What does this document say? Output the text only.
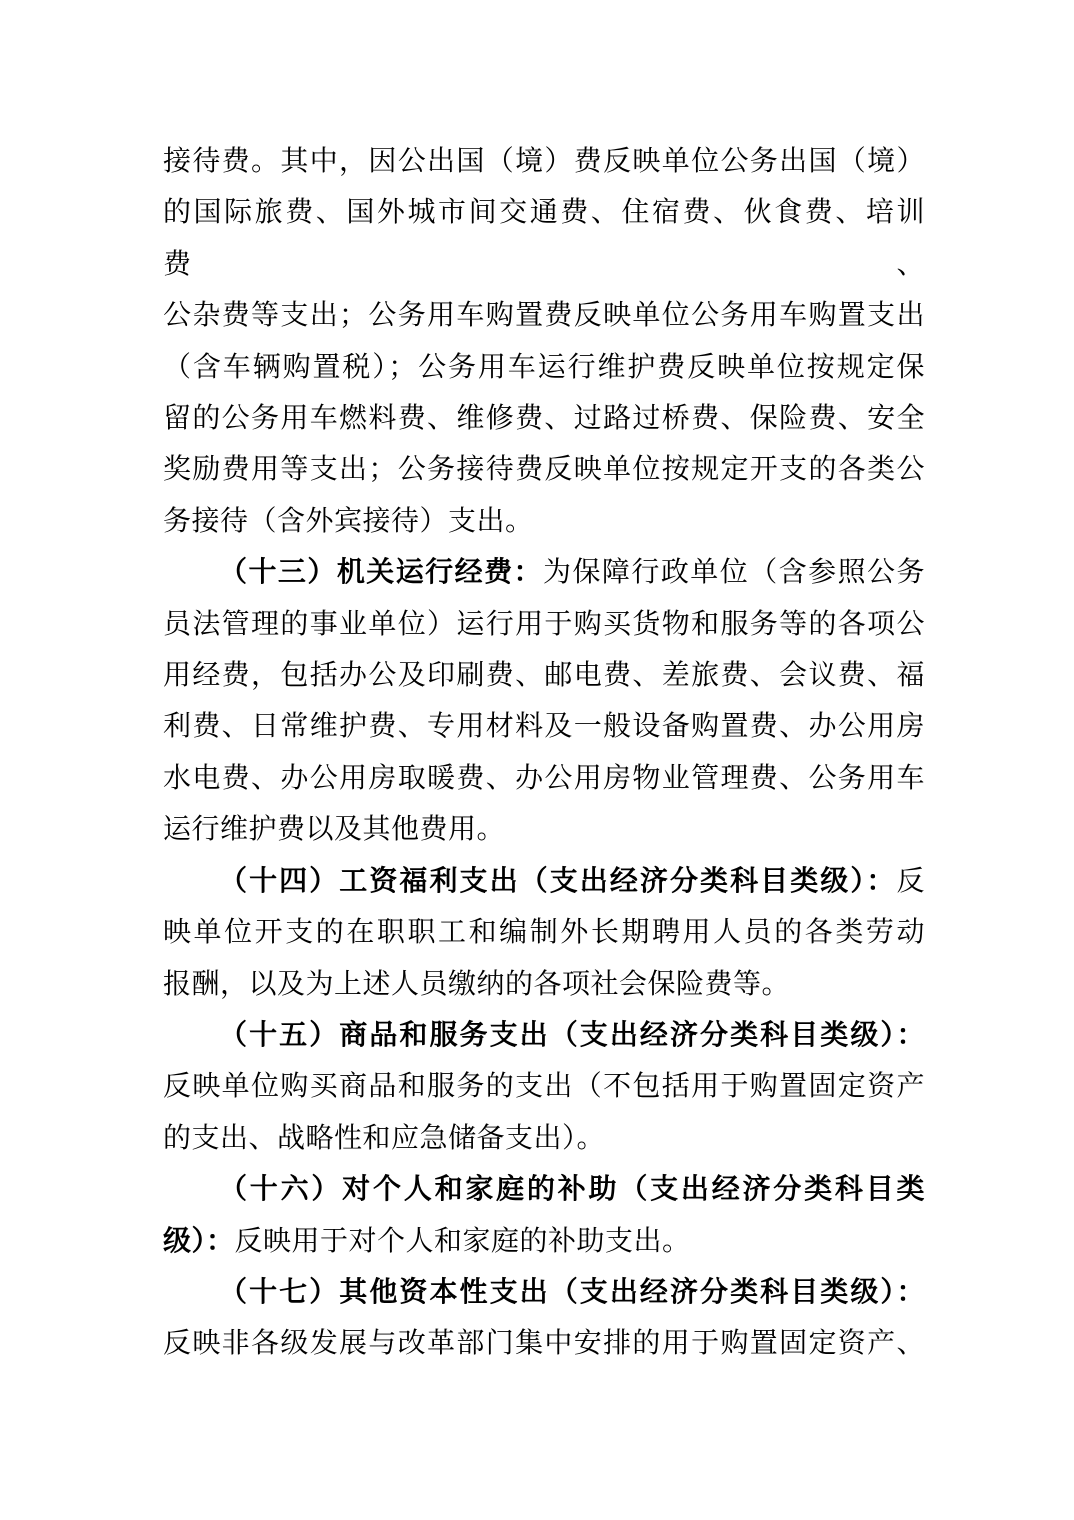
接待费。其中，因公出国（境）费反映单位公务出国（境）
的国际旅费、国外城市间交通费、住宿费、伙食费、培训费、
公杂费等支出；公务用车购置费反映单位公务用车购置支出
（含车辆购置税）；公务用车运行维护费反映单位按规定保
留的公务用车燃料费、维修费、过路过桥费、保险费、安全
奖励费用等支出；公务接待费反映单位按规定开支的各类公
务接待（含外宾接待）支出。
（十三）机关运行经费：为保障行政单位（含参照公务
员法管理的事业单位）运行用于购买货物和服务等的各项公
用经费，包括办公及印刷费、邮电费、差旅费、会议费、福
利费、日常维护费、专用材料及一般设备购置费、办公用房
水电费、办公用房取暖费、办公用房物业管理费、公务用车
运行维护费以及其他费用。
（十四）工资福利支出（支出经济分类科目类级）：反
映单位开支的在职职工和编制外长期聘用人员的各类劳动
报酬，以及为上述人员缴纳的各项社会保险费等。
（十五）商品和服务支出（支出经济分类科目类级）：
反映单位购买商品和服务的支出（不包括用于购置固定资产
的支出、战略性和应急储备支出）。
（十六）对个人和家庭的补助（支出经济分类科目类
级）：反映用于对个人和家庭的补助支出。
（十七）其他资本性支出（支出经济分类科目类级）：
反映非各级发展与改革部门集中安排的用于购置固定资产、
